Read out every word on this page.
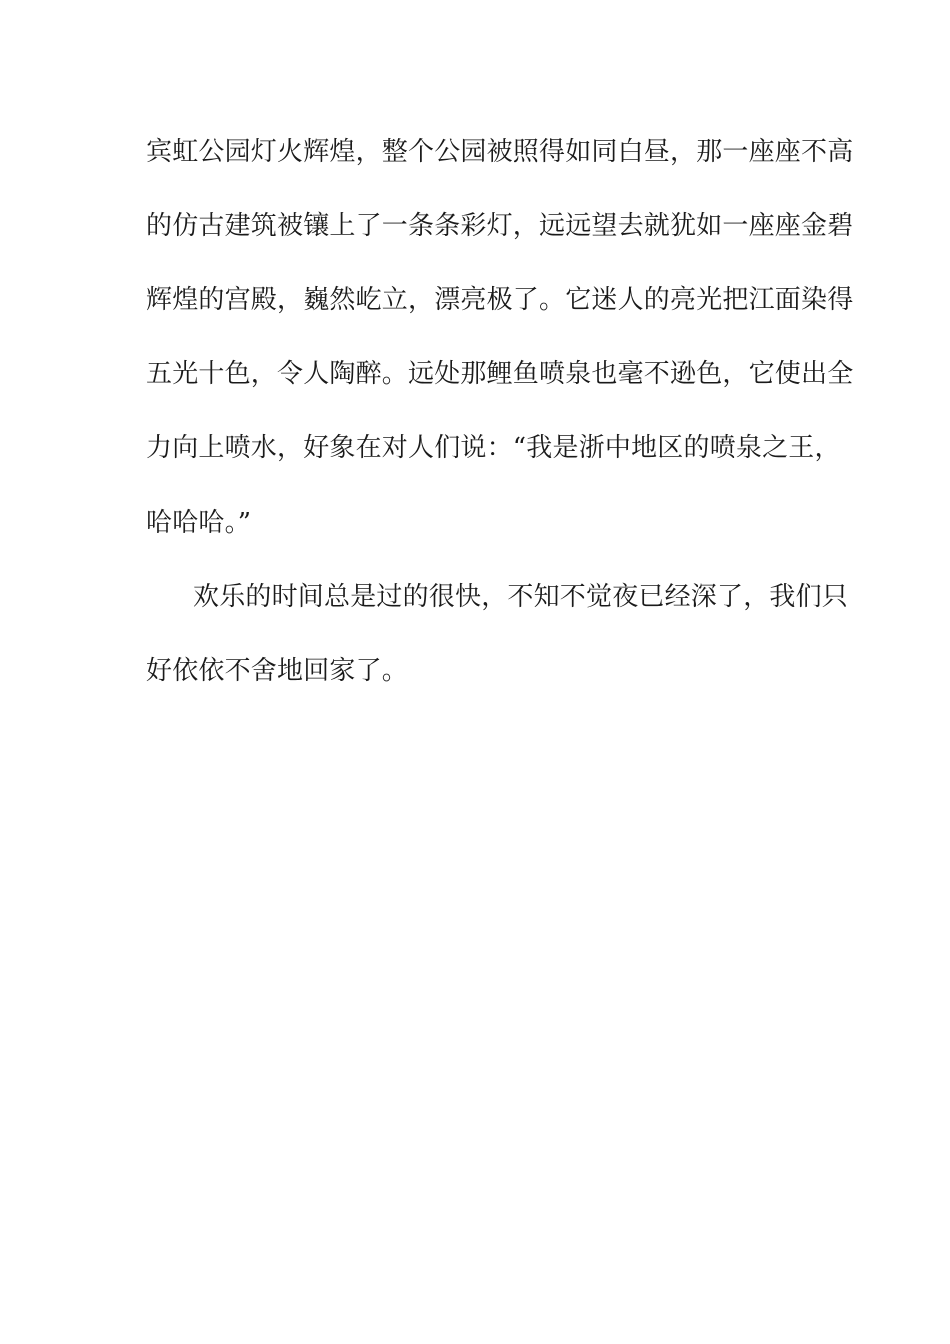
宾虹公园灯火辉煌，整个公园被照得如同白昼，那一座座不高
的仿古建筑被镶上了一条条彩灯，远远望去就犹如一座座金碧
辉煌的宫殿，巍然屹立，漂亮极了。它迷人的亮光把江面染得
五光十色，令人陶醉。远处那鲤鱼喷泉也毫不逊色，它使出全
力向上喷水，好象在对人们说：“我是浙中地区的喷泉之王，
哈哈哈。”
欢乐的时间总是过的很快，不知不觉夜已经深了，我们只
好依依不舍地回家了。
